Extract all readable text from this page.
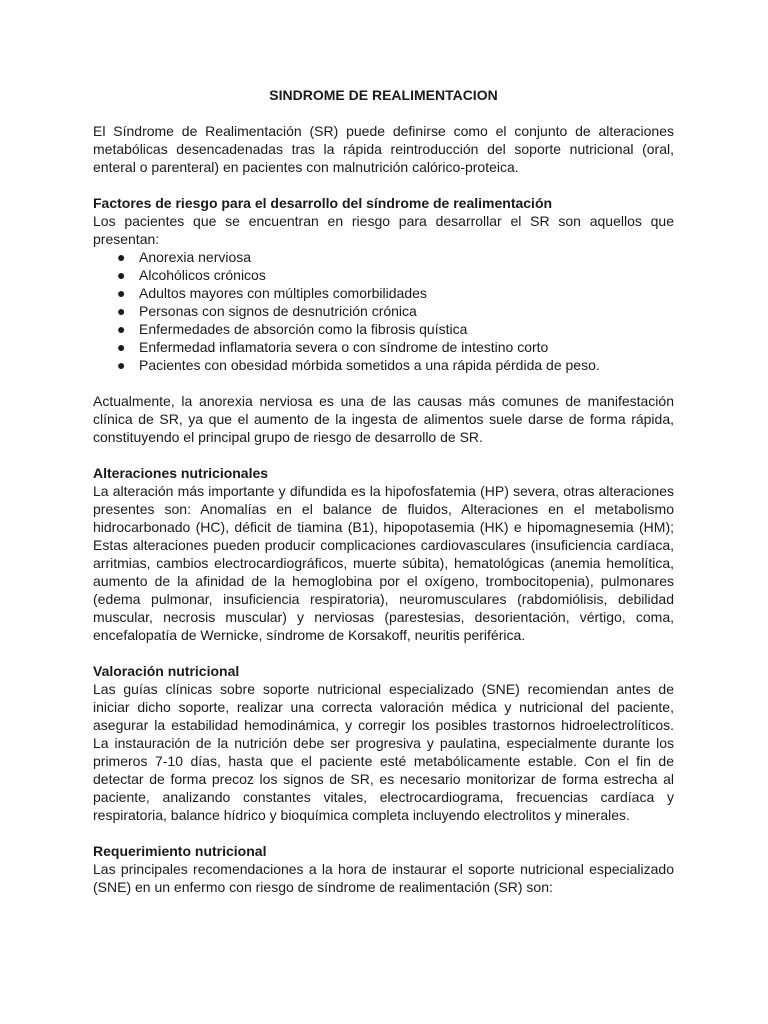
SINDROME DE REALIMENTACION

El Síndrome de Realimentación (SR) puede definirse como el conjunto de alteraciones metabólicas desencadenadas tras la rápida reintroducción del soporte nutricional (oral, enteral o parenteral) en pacientes con malnutrición calórico-proteica.

Factores de riesgo para el desarrollo del síndrome de realimentación

Los pacientes que se encuentran en riesgo para desarrollar el SR son aquellos que presentan:

● Anorexia nerviosa
● Alcohólicos crónicos
● Adultos mayores con múltiples comorbilidades
● Personas con signos de desnutrición crónica
● Enfermedades de absorción como la fibrosis quística
● Enfermedad inflamatoria severa o con síndrome de intestino corto
● Pacientes con obesidad mórbida sometidos a una rápida pérdida de peso.

Actualmente, la anorexia nerviosa es una de las causas más comunes de manifestación clínica de SR, ya que el aumento de la ingesta de alimentos suele darse de forma rápida, constituyendo el principal grupo de riesgo de desarrollo de SR.

Alteraciones nutricionales

La alteración más importante y difundida es la hipofosfatemia (HP) severa, otras alteraciones presentes son: Anomalías en el balance de fluidos, Alteraciones en el metabolismo hidrocarbonado (HC), déficit de tiamina (B1), hipopotasemia (HK) e hipomagnesemia (HM); Estas alteraciones pueden producir complicaciones cardiovasculares (insuficiencia cardíaca, arritmias, cambios electrocardiográficos, muerte súbita), hematológicas (anemia hemolítica, aumento de la afinidad de la hemoglobina por el oxígeno, trombocitopenia), pulmonares (edema pulmonar, insuficiencia respiratoria), neuromusculares (rabdomiólisis, debilidad muscular, necrosis muscular) y nerviosas (parestesias, desorientación, vértigo, coma, encefalopatía de Wernicke, síndrome de Korsakoff, neuritis periférica.

Valoración nutricional

Las guías clínicas sobre soporte nutricional especializado (SNE) recomiendan antes de iniciar dicho soporte, realizar una correcta valoración médica y nutricional del paciente, asegurar la estabilidad hemodinámica, y corregir los posibles trastornos hidroelectrolíticos. La instauración de la nutrición debe ser progresiva y paulatina, especialmente durante los primeros 7-10 días, hasta que el paciente esté metabólicamente estable. Con el fin de detectar de forma precoz los signos de SR, es necesario monitorizar de forma estrecha al paciente, analizando constantes vitales, electrocardiograma, frecuencias cardíaca y respiratoria, balance hídrico y bioquímica completa incluyendo electrolitos y minerales.

Requerimiento nutricional

Las principales recomendaciones a la hora de instaurar el soporte nutricional especializado (SNE) en un enfermo con riesgo de síndrome de realimentación (SR) son:
